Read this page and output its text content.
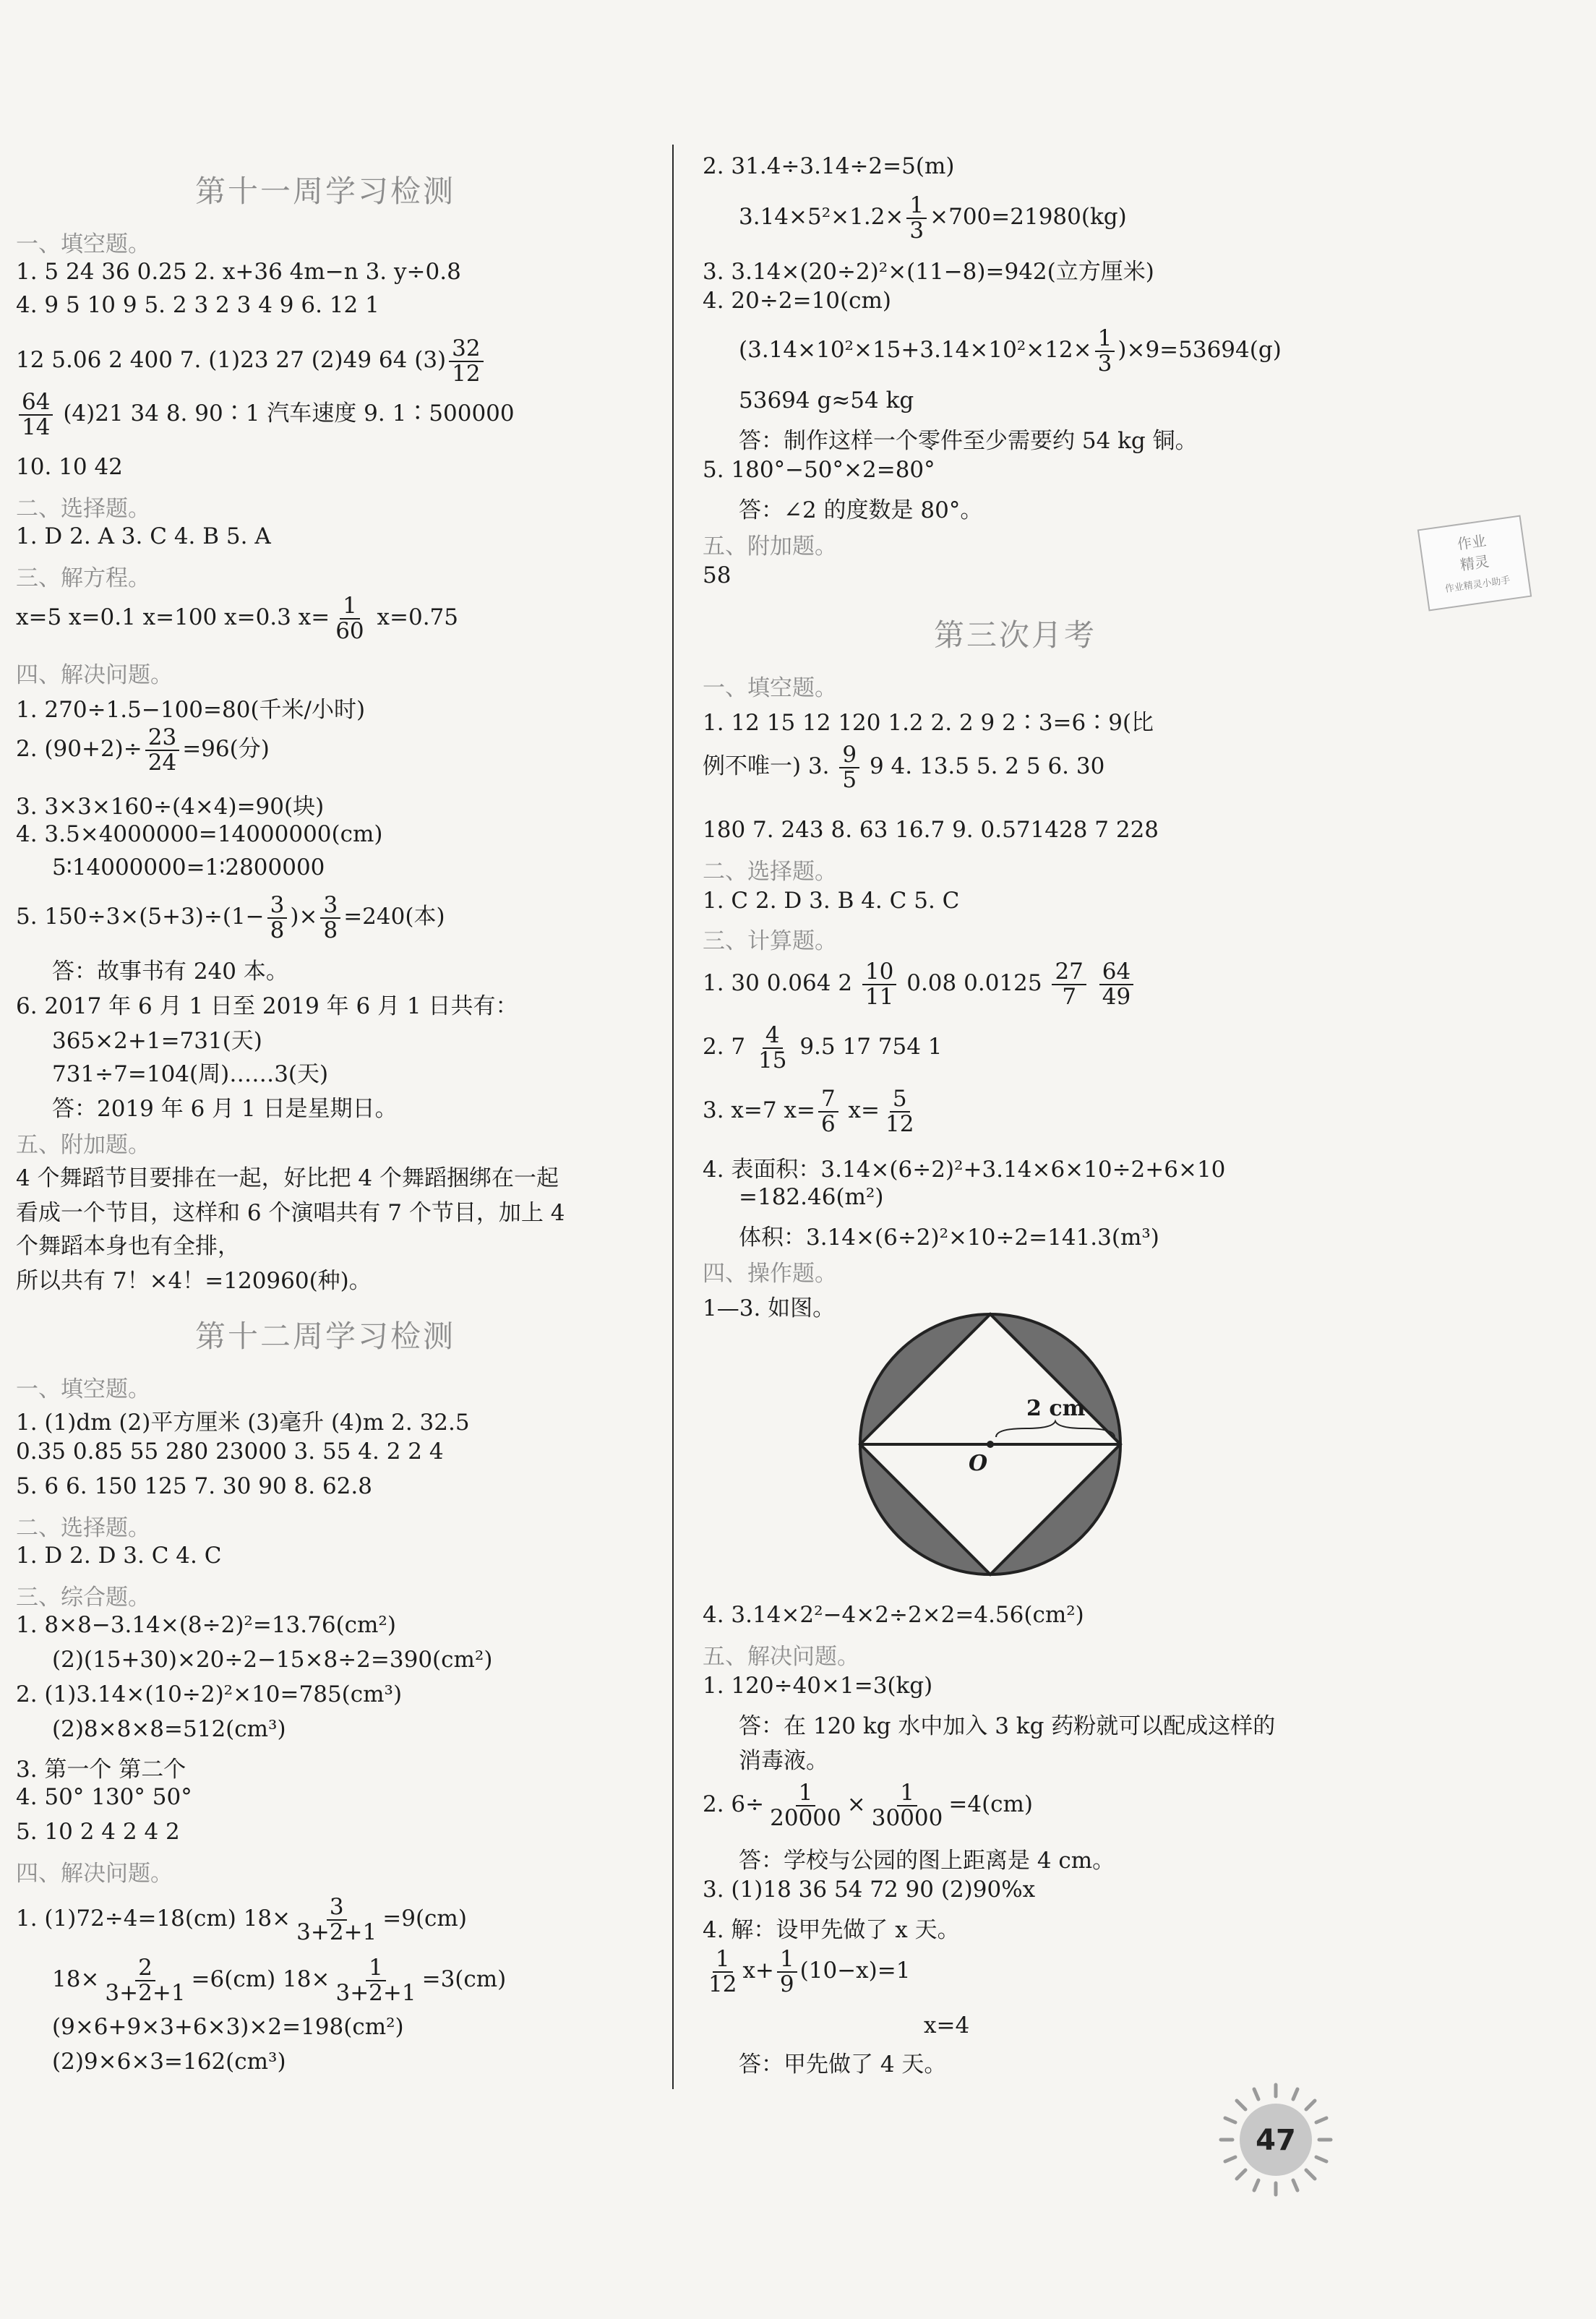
第十一周学习检测
一、填空题。
1. 5 24 36 0.25 2. x+36 4m−n 3. y÷0.8
4. 9 5 10 9 5. 2 3 2 3 4 9 6. 12 1
12 5.06 2 400 7. (1)23 27 (2)49 64 $(3) \frac{32}{12}$
$\frac{64}{14} (4)21$ 34 8. 90∶1 汽车速度 9. 1∶500000
10. 10 42
二、选择题。
1. D 2. A 3. C 4. B 5. A
三、解方程。
x=5 x=0.1 x=100 x=0.3 $x= \frac{1}{60} x=0.75$
四、解决问题。
1. 270÷1.5−100=80(千米/小时)
2. $(90+2)\div \frac{23}{24} =96$(分)
3. 3×3×160÷(4×4)=90(块)
4. 3.5×4000000=14000000(cm)
5∶14000000=1∶2800000
5. $150\div 3\times(5+3)\div(1- \frac{3}{8}$ )× $\frac{3}{8} =240$(本)
答：故事书有 240 本。
6. 2017 年 6 月 1 日至 2019 年 6 月 1 日共有：
365×2+1=731(天)
731÷7=104(周)……3(天)
答：2019 年 6 月 1 日是星期日。
五、附加题。
4 个舞蹈节目要排在一起，好比把 4 个舞蹈捆绑在一起
看成一个节目，这样和 6 个演唱共有 7 个节目，加上 4
个舞蹈本身也有全排，
所以共有 7！×4！=120960(种)。
第十二周学习检测
一、填空题。
1. (1)dm (2)平方厘米 (3)毫升 (4)m 2. 32.5
0.35 0.85 55 280 23000 3. 55 4. 2 2 4
5. 6 6. 150 125 7. 30 90 8. 62.8
二、选择题。
1. D 2. D 3. C 4. C
三、综合题。
1. 8×8−3.14×(8÷2)²=13.76(cm²)
(2)(15+30)×20÷2−15×8÷2=390(cm²)
2. (1)3.14×(10÷2)²×10=785(cm³)
(2)8×8×8=512(cm³)
3. 第一个 第二个
4. 50° 130° 50°
5. 10 2 4 2 4 2
四、解决问题。
1. (1)72÷4=18(cm) $18\times \frac{3}{3+2+1} =9(cm)$
$18\times \frac{2}{3+2+1} =6(cm)$ $18\times \frac{1}{3+2+1} =3(cm)$
(9×6+9×3+6×3)×2=198(cm²)
(2)9×6×3=162(cm³)
2. 31.4÷3.14÷2=5(m)
$3.14\times 5^2\times 1.2\times \frac{1}{3} \times 700=21980(kg)$
3. 3.14×(20÷2)²×(11−8)=942(立方厘米)
4. 20÷2=10(cm)
$(3.14\times 10^2\times 15+3.14\times 10^2\times 12\times \frac{1}{3} )\times 9=53694(g)$
53694 g≈54 kg
答：制作这样一个零件至少需要约 54 kg 铜。
5. 180°−50°×2=80°
答：∠2 的度数是 80°。
五、附加题。
58
第三次月考
一、填空题。
1. 12 15 12 120 1.2 2. 2 9 2∶3=6∶9(比
例不唯一) 3. $\frac{9}{5} 9$ 4. 13.5 5. 2 5 6. 30
180 7. 243 8. 63 16.7 9. 0.571428 7 228
二、选择题。
1. C 2. D 3. B 4. C 5. C
三、计算题。
1. 30 0.064 $2 \frac{10}{11} 0.08$ $0.0125 \frac{27}{7}$
$\frac{64}{49}$
2. $7 \frac{4}{15} 9.5$ 17 754 1
3. x=7 $x= \frac{7}{6} x= \frac{5}{12}$
4. 表面积：3.14×(6÷2)²+3.14×6×10÷2+6×10
=182.46(m²)
体积：3.14×(6÷2)²×10÷2=141.3(m³)
四、操作题。
1—3. 如图。
2 cm
O
4. 3.14×2²−4×2÷2×2=4.56(cm²)
五、解决问题。
1. 120÷40×1=3(kg)
答：在 120 kg 水中加入 3 kg 药粉就可以配成这样的
消毒液。
2. $6\div \frac{1}{20000} \times \frac{1}{30000} =4(cm)$
答：学校与公园的图上距离是 4 cm。
3. (1)18 36 54 72 90 (2)90%x
4. 解：设甲先做了 x 天。
$\frac{1}{12} x+ \frac{1}{9} (10-x)=1$
x=4
答：甲先做了 4 天。
作业
精灵
作业精灵小助手
47
